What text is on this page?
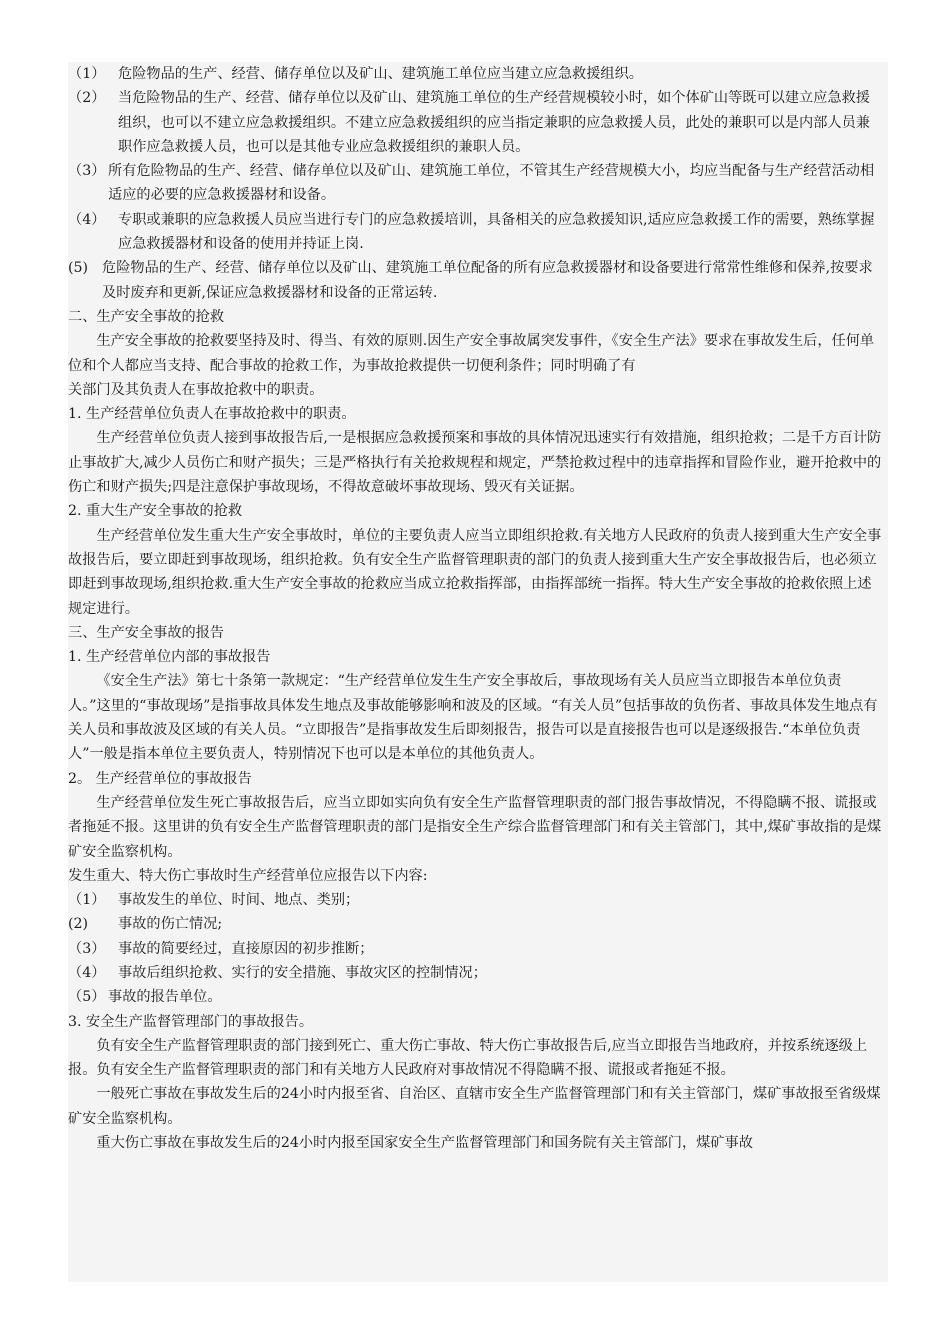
（1） 危险物品的生产、经营、储存单位以及矿山、建筑施工单位应当建立应急救援组织。
（2） 当危险物品的生产、经营、储存单位以及矿山、建筑施工单位的生产经营规模较小时，如个体矿山等既可以建立应急救援组织，也可以不建立应急救援组织。不建立应急救援组织的应当指定兼职的应急救援人员，此处的兼职可以是内部人员兼职作应急救援人员，也可以是其他专业应急救援组织的兼职人员。
（3） 所有危险物品的生产、经营、储存单位以及矿山、建筑施工单位，不管其生产经营规模大小，均应当配备与生产经营活动相适应的必要的应急救援器材和设备。
（4） 专职或兼职的应急救援人员应当进行专门的应急救援培训，具备相关的应急救援知识,适应应急救援工作的需要，熟练掌握应急救援器材和设备的使用并持证上岗.
(5) 危险物品的生产、经营、储存单位以及矿山、建筑施工单位配备的所有应急救援器材和设备要进行常常性维修和保养,按要求及时废弃和更新,保证应急救援器材和设备的正常运转.
二、生产安全事故的抢救
生产安全事故的抢救要坚持及时、得当、有效的原则.因生产安全事故属突发事件，《安全生产法》要求在事故发生后，任何单位和个人都应当支持、配合事故的抢救工作，为事故抢救提供一切便利条件；同时明确了有
关部门及其负责人在事故抢救中的职责。
1. 生产经营单位负责人在事故抢救中的职责。
生产经营单位负责人接到事故报告后,一是根据应急救援预案和事故的具体情况迅速实行有效措施，组织抢救；二是千方百计防止事故扩大,减少人员伤亡和财产损失；三是严格执行有关抢救规程和规定，严禁抢救过程中的违章指挥和冒险作业，避开抢救中的伤亡和财产损失;四是注意保护事故现场，不得故意破坏事故现场、毁灭有关证据。
2. 重大生产安全事故的抢救
生产经营单位发生重大生产安全事故时，单位的主要负责人应当立即组织抢救.有关地方人民政府的负责人接到重大生产安全事故报告后，要立即赶到事故现场，组织抢救。负有安全生产监督管理职责的部门的负责人接到重大生产安全事故报告后，也必须立即赶到事故现场,组织抢救.重大生产安全事故的抢救应当成立抢救指挥部，由指挥部统一指挥。特大生产安全事故的抢救依照上述规定进行。
三、生产安全事故的报告
1. 生产经营单位内部的事故报告
《安全生产法》第七十条第一款规定：“生产经营单位发生生产安全事故后，事故现场有关人员应当立即报告本单位负责人。”这里的“事故现场”是指事故具体发生地点及事故能够影响和波及的区域。“有关人员”包括事故的负伤者、事故具体发生地点有关人员和事故波及区域的有关人员。“立即报告”是指事故发生后即刻报告，报告可以是直接报告也可以是逐级报告.“本单位负责人”一般是指本单位主要负责人，特别情况下也可以是本单位的其他负责人。
2。 生产经营单位的事故报告
生产经营单位发生死亡事故报告后，应当立即如实向负有安全生产监督管理职责的部门报告事故情况，不得隐瞒不报、谎报或者拖延不报。这里讲的负有安全生产监督管理职责的部门是指安全生产综合监督管理部门和有关主管部门，其中,煤矿事故指的是煤矿安全监察机构。
发生重大、特大伤亡事故时生产经营单位应报告以下内容:
（1） 事故发生的单位、时间、地点、类别；
(2)	事故的伤亡情况;
（3） 事故的简要经过，直接原因的初步推断；
（4） 事故后组织抢救、实行的安全措施、事故灾区的控制情况；
（5） 事故的报告单位。
3. 安全生产监督管理部门的事故报告。
负有安全生产监督管理职责的部门接到死亡、重大伤亡事故、特大伤亡事故报告后,应当立即报告当地政府，并按系统逐级上报。负有安全生产监督管理职责的部门和有关地方人民政府对事故情况不得隐瞒不报、谎报或者拖延不报。
一般死亡事故在事故发生后的24小时内报至省、自治区、直辖市安全生产监督管理部门和有关主管部门，煤矿事故报至省级煤矿安全监察机构。
重大伤亡事故在事故发生后的24小时内报至国家安全生产监督管理部门和国务院有关主管部门，煤矿事故
